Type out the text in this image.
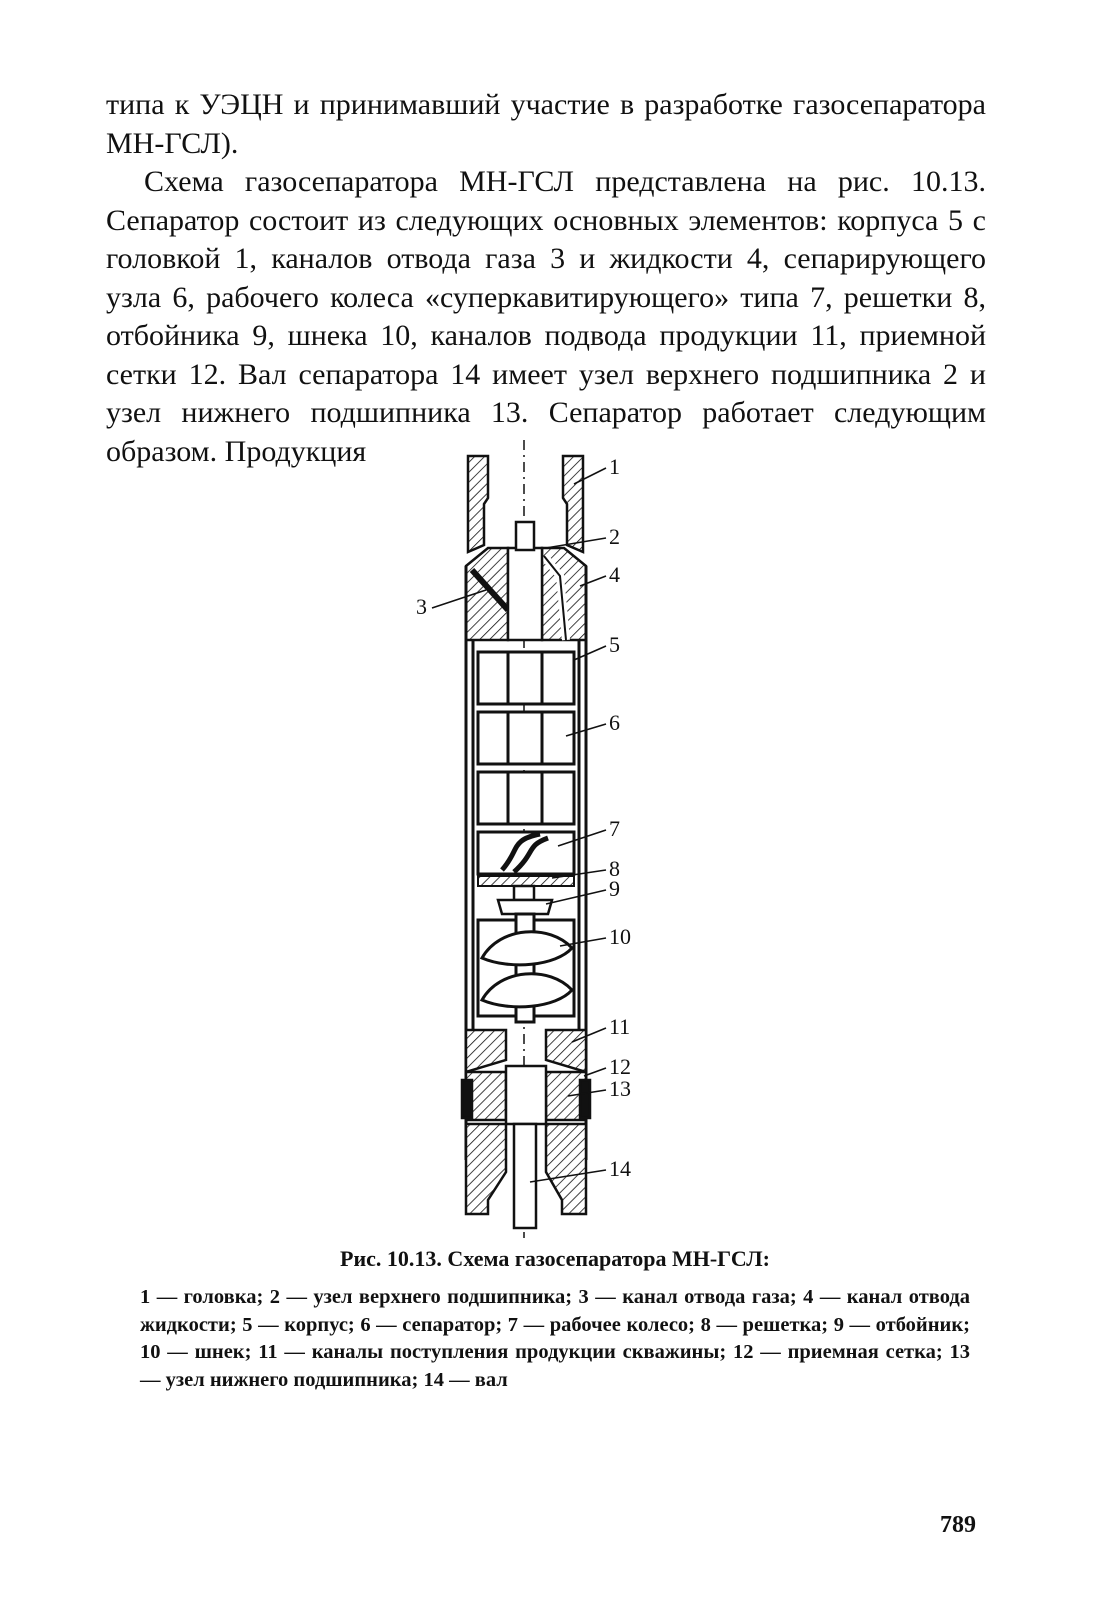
типа к УЭЦН и принимавший участие в разработке газосепаратора МН-ГСЛ).

Схема газосепаратора МН-ГСЛ представлена на рис. 10.13. Сепаратор состоит из следующих основных элементов: корпуса 5 с головкой 1, каналов отвода газа 3 и жидкости 4, сепарирующего узла 6, рабочего колеса «суперкавитирующего» типа 7, решетки 8, отбойника 9, шнека 10, каналов подвода продукции 11, приемной сетки 12. Вал сепаратора 14 имеет узел верхнего подшипника 2 и узел нижнего подшипника 13. Сепаратор работает следующим образом. Продукция	1
2
3
4
5
6
7
8
9
10
11
12
13
14
Рис. 10.13. Схема газосепаратора МН-ГСЛ:
1 — головка; 2 — узел верхнего подшипника; 3 — канал отвода газа; 4 — канал отвода жидкости; 5 — корпус; 6 — сепаратор; 7 — рабочее колесо; 8 — решетка; 9 — отбойник; 10 — шнек; 11 — каналы поступления продукции скважины; 12 — приемная сетка; 13 — узел нижнего подшипника; 14 — вал
789
